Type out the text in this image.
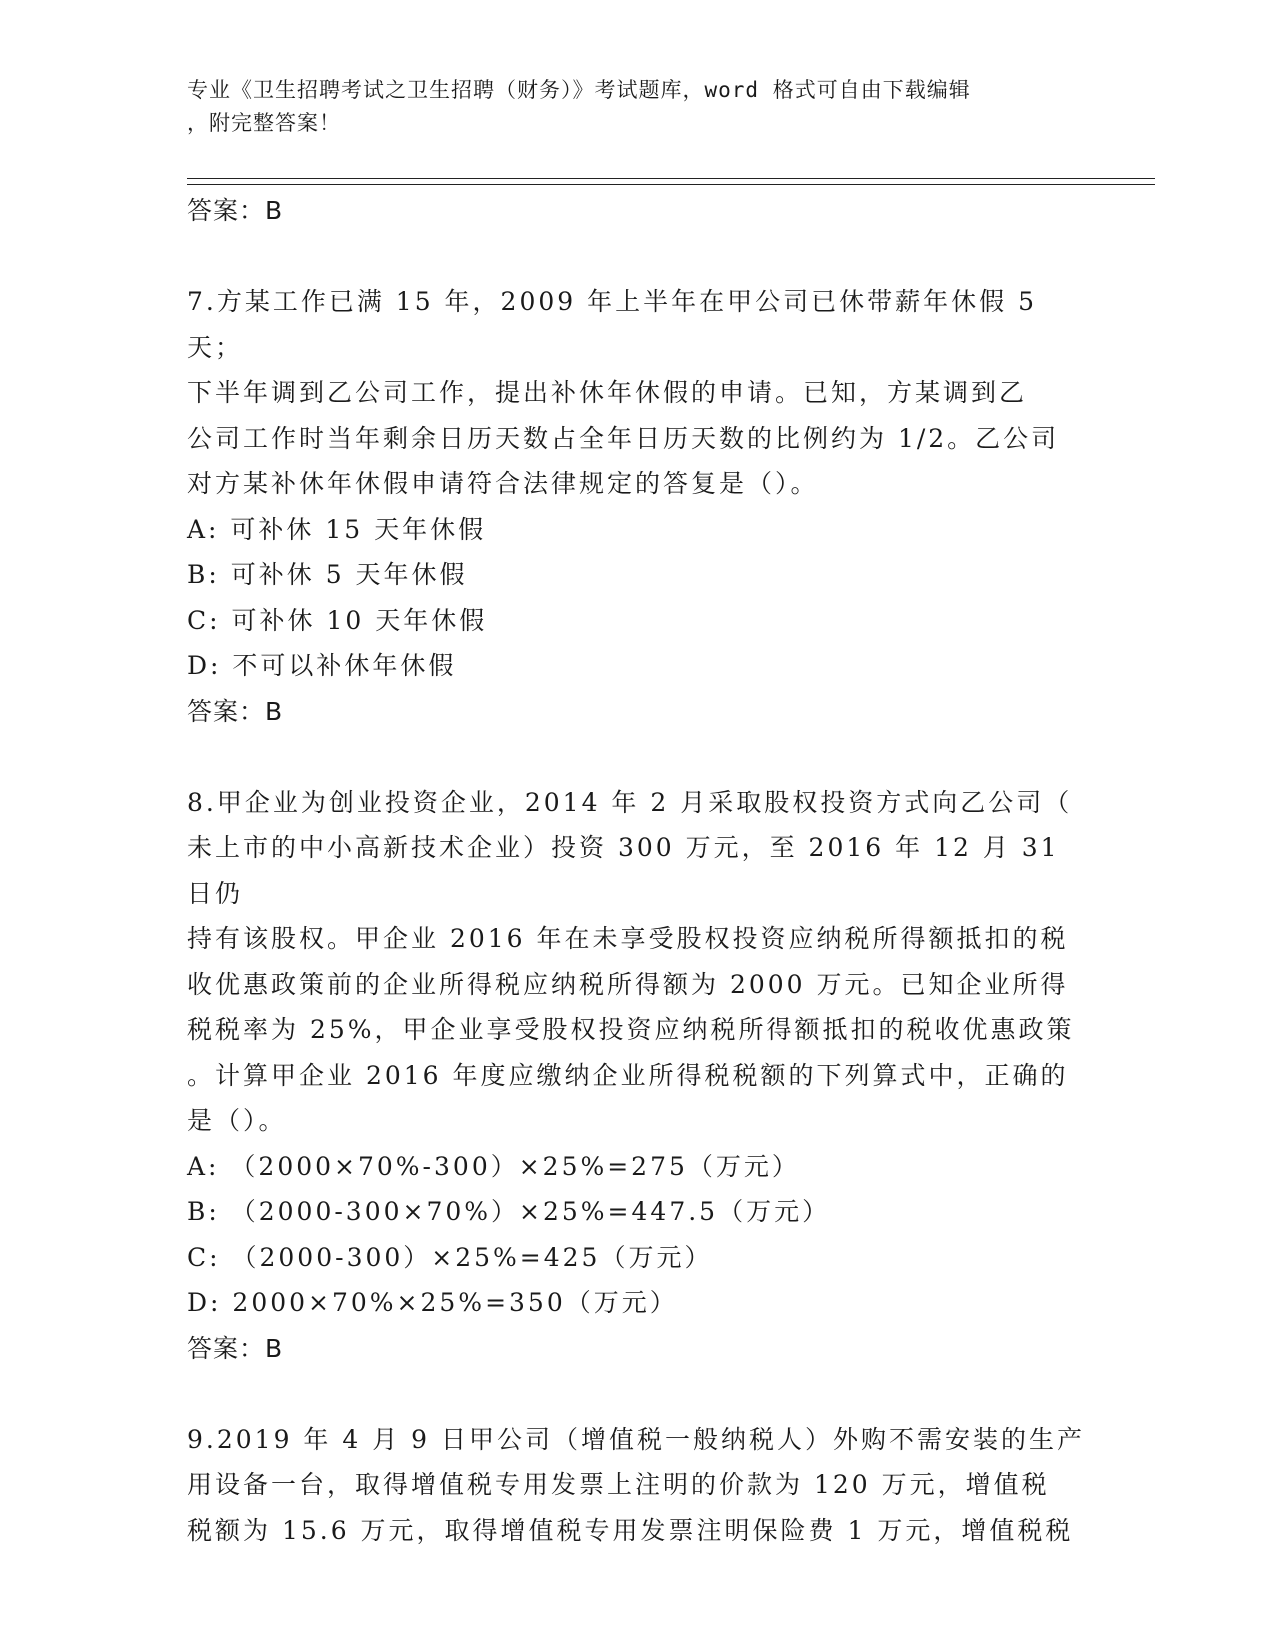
专业《卫生招聘考试之卫生招聘（财务）》考试题库，word 格式可自由下载编辑
，附完整答案！
答案：B
7.方某工作已满 15 年，2009 年上半年在甲公司已休带薪年休假 5 天；
下半年调到乙公司工作，提出补休年休假的申请。已知，方某调到乙
公司工作时当年剩余日历天数占全年日历天数的比例约为 1/2。乙公司
对方某补休年休假申请符合法律规定的答复是（）。
A: 可补休 15 天年休假
B: 可补休 5 天年休假
C: 可补休 10 天年休假
D: 不可以补休年休假
答案：B
8.甲企业为创业投资企业，2014 年 2 月采取股权投资方式向乙公司（
未上市的中小高新技术企业）投资 300 万元，至 2016 年 12 月 31 日仍
持有该股权。甲企业 2016 年在未享受股权投资应纳税所得额抵扣的税
收优惠政策前的企业所得税应纳税所得额为 2000 万元。已知企业所得
税税率为 25%，甲企业享受股权投资应纳税所得额抵扣的税收优惠政策
。计算甲企业 2016 年度应缴纳企业所得税税额的下列算式中，正确的
是（）。
A: （2000×70%-300）×25%=275（万元）
B: （2000-300×70%）×25%=447.5（万元）
C: （2000-300）×25%=425（万元）
D: 2000×70%×25%=350（万元）
答案：B
9.2019 年 4 月 9 日甲公司（增值税一般纳税人）外购不需安装的生产
用设备一台，取得增值税专用发票上注明的价款为 120 万元，增值税
税额为 15.6 万元，取得增值税专用发票注明保险费 1 万元，增值税税
